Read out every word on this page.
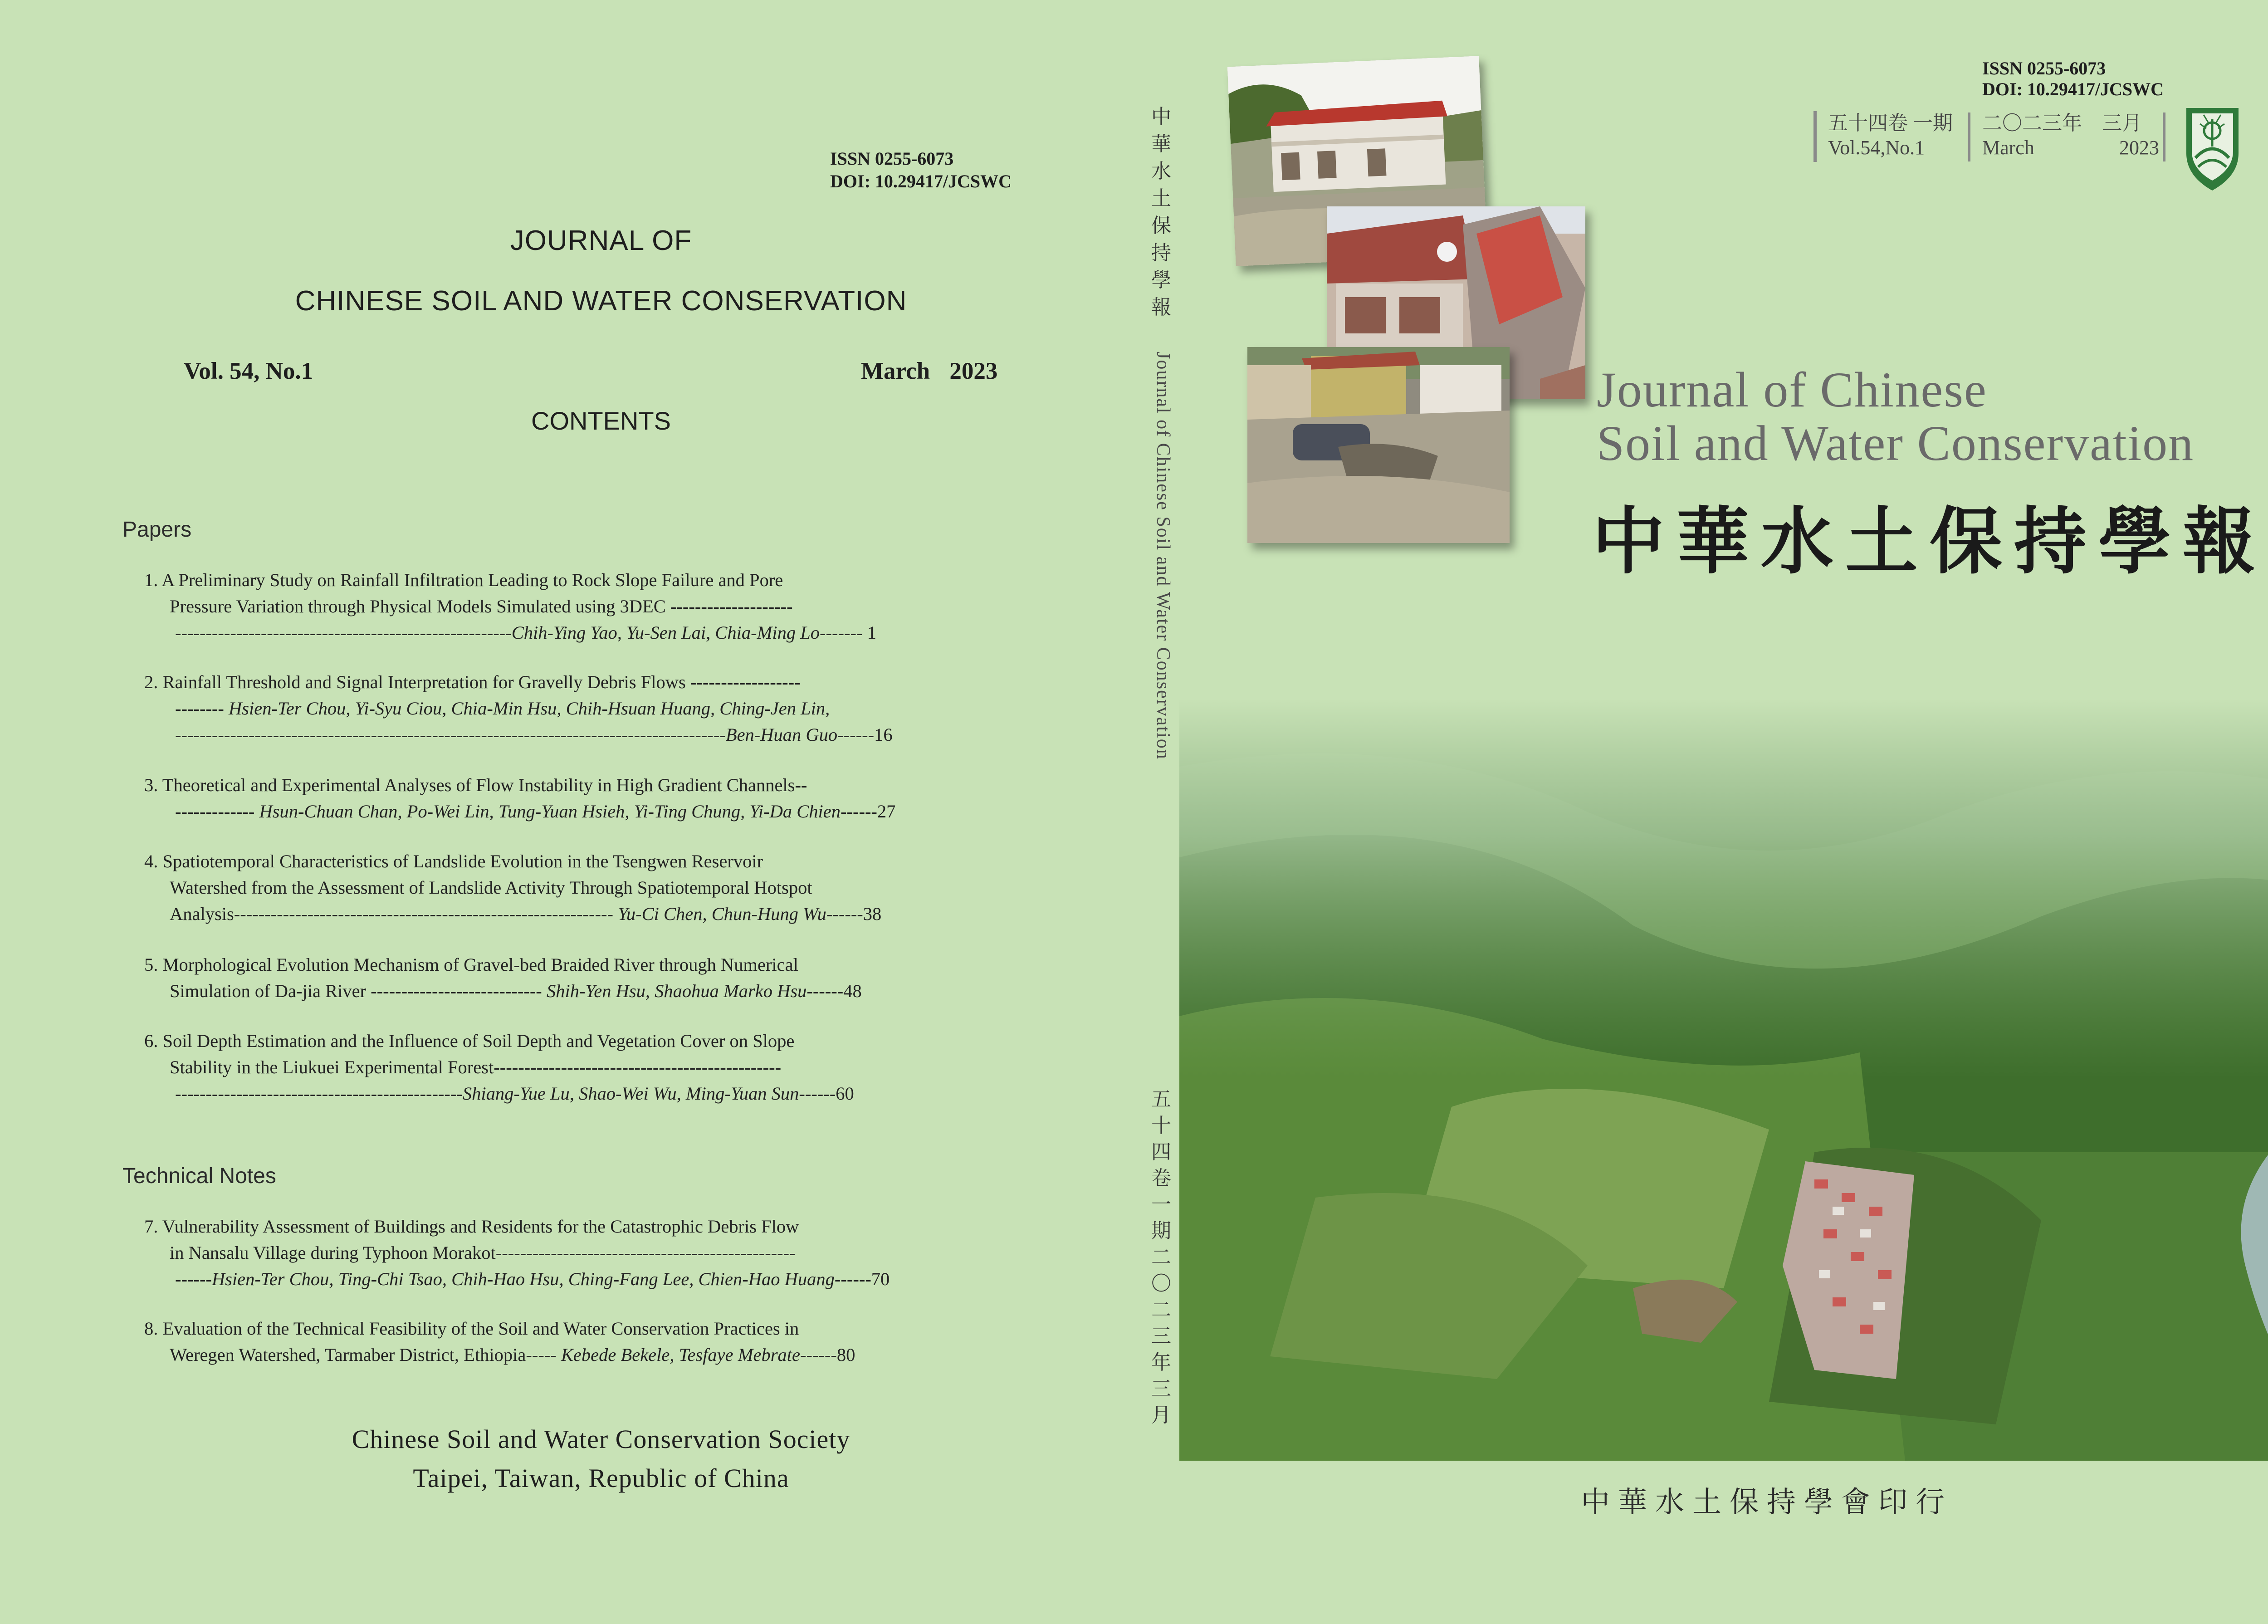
ISSN 0255-6073
DOI: 10.29417/JCSWC
JOURNAL OF
CHINESE SOIL AND WATER CONSERVATION
Vol. 54, No.1	March 2023
CONTENTS
Papers
1. A Preliminary Study on Rainfall Infiltration Leading to Rock Slope Failure and Pore
Pressure Variation through Physical Models Simulated using 3DEC --------------------
-------------------------------------------------------Chih-Ying Yao, Yu-Sen Lai, Chia-Ming Lo------- 1
2. Rainfall Threshold and Signal Interpretation for Gravelly Debris Flows ------------------
-------- Hsien-Ter Chou, Yi-Syu Ciou, Chia-Min Hsu, Chih-Hsuan Huang, Ching-Jen Lin,
------------------------------------------------------------------------------------------Ben-Huan Guo------16
3. Theoretical and Experimental Analyses of Flow Instability in High Gradient Channels--
------------- Hsun-Chuan Chan, Po-Wei Lin, Tung-Yuan Hsieh, Yi-Ting Chung, Yi-Da Chien------27
4. Spatiotemporal Characteristics of Landslide Evolution in the Tsengwen Reservoir
Watershed from the Assessment of Landslide Activity Through Spatiotemporal Hotspot
Analysis-------------------------------------------------------------- Yu-Ci Chen, Chun-Hung Wu------38
5. Morphological Evolution Mechanism of Gravel-bed Braided River through Numerical
Simulation of Da-jia River ---------------------------- Shih-Yen Hsu, Shaohua Marko Hsu------48
6. Soil Depth Estimation and the Influence of Soil Depth and Vegetation Cover on Slope
Stability in the Liukuei Experimental Forest-----------------------------------------------
-----------------------------------------------Shiang-Yue Lu, Shao-Wei Wu, Ming-Yuan Sun------60
Technical Notes
7. Vulnerability Assessment of Buildings and Residents for the Catastrophic Debris Flow
in Nansalu Village during Typhoon Morakot-------------------------------------------------
------Hsien-Ter Chou, Ting-Chi Tsao, Chih-Hao Hsu, Ching-Fang Lee, Chien-Hao Huang------70
8. Evaluation of the Technical Feasibility of the Soil and Water Conservation Practices in
Weregen Watershed, Tarmaber District, Ethiopia----- Kebede Bekele, Tesfaye Mebrate------80
Chinese Soil and Water Conservation Society
Taipei, Taiwan, Republic of China
中華水土保持學報
Journal of Chinese Soil and Water Conservation
五十四卷 一 期 二〇二三年三月
ISSN 0255-6073
DOI: 10.29417/JCSWC
五十四卷 一期
Vol.54,No.1
二〇二三年　三月
March	2023
Journal of Chinese
Soil and Water Conservation
中華水土保持學報
中華水土保持學會印行
